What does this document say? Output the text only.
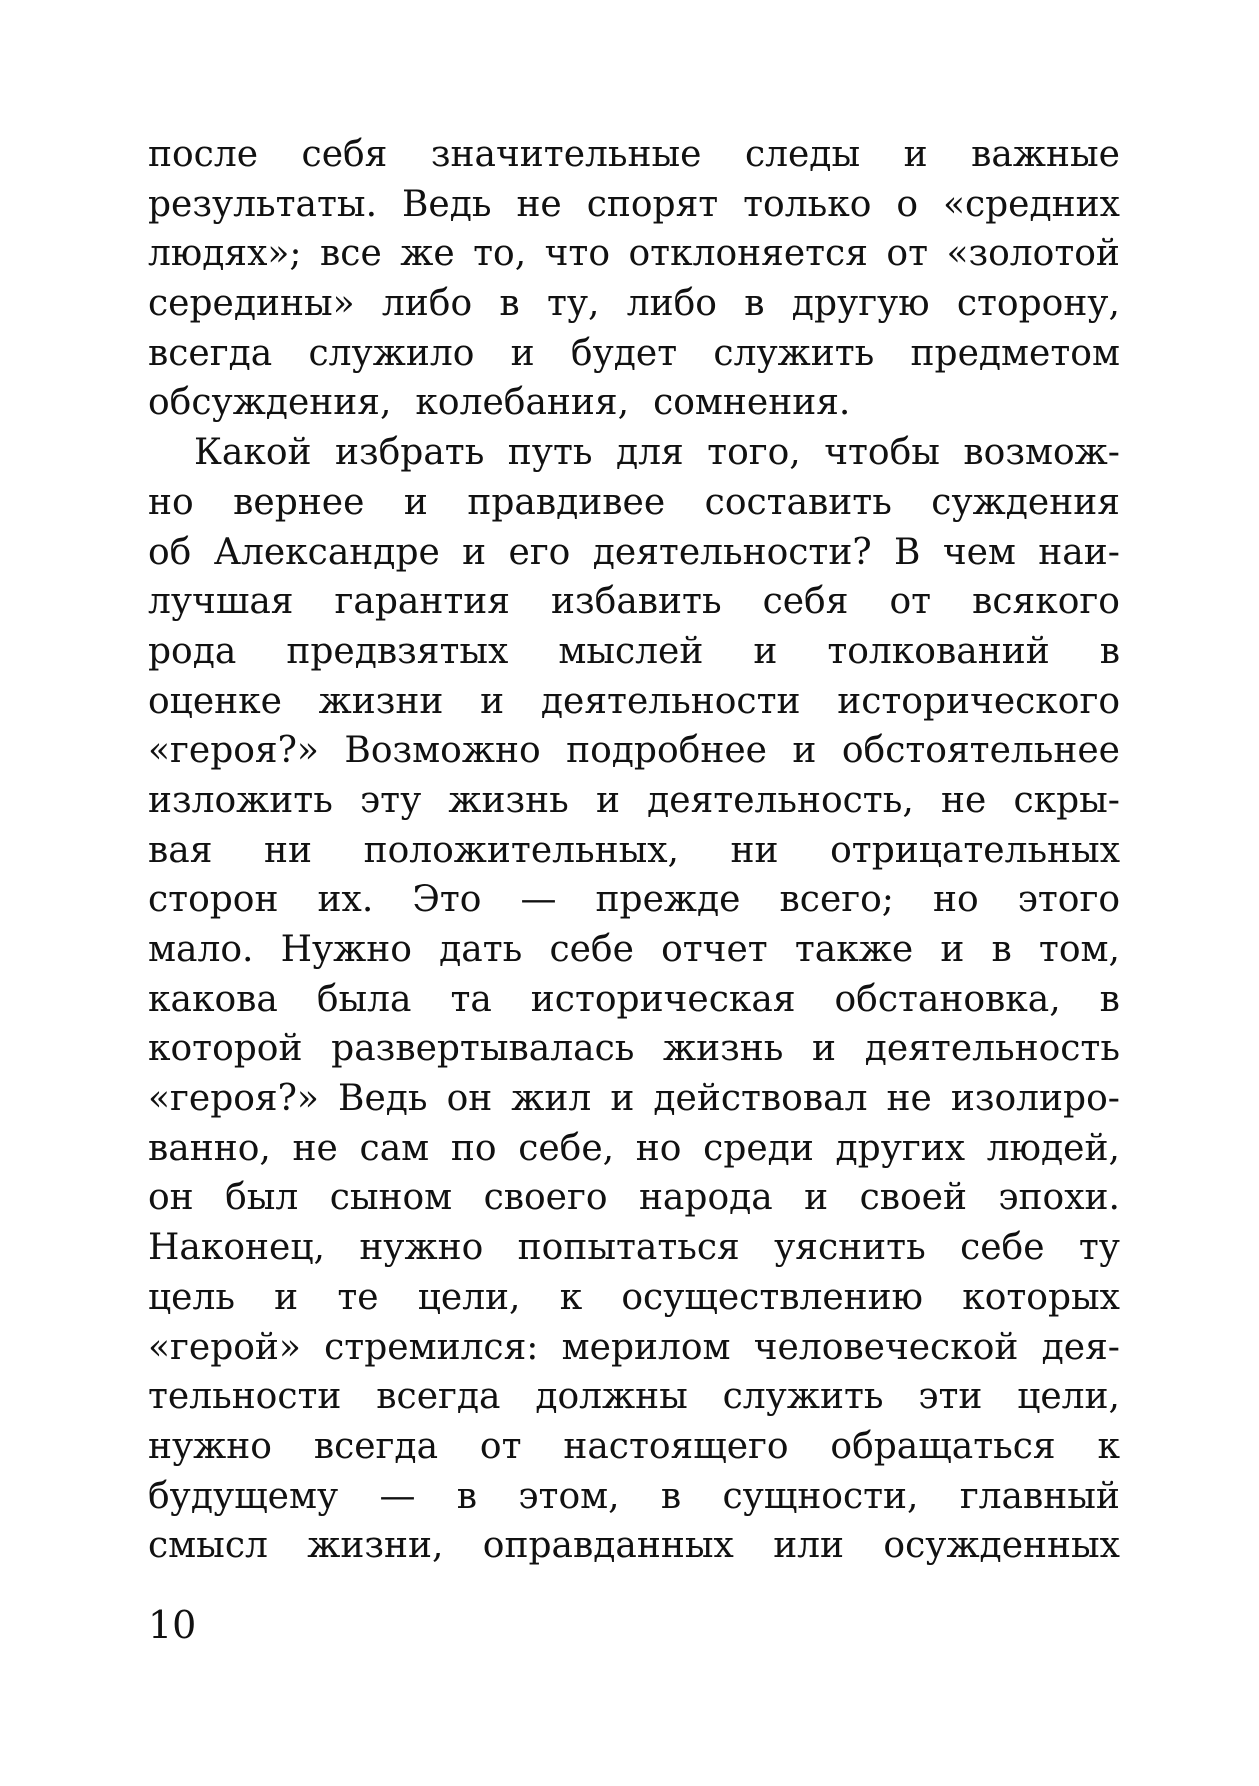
после себя значительные следы и важные
результаты. Ведь не спорят только о «средних
людях»; все же то, что отклоняется от «золотой
середины» либо в ту, либо в другую сторону,
всегда служило и будет служить предметом
обсуждения, колебания, сомнения.
Какой избрать путь для того, чтобы возмож-
но вернее и правдивее составить суждения
об Александре и его деятельности? В чем наи-
лучшая гарантия избавить себя от всякого
рода предвзятых мыслей и толкований в
оценке жизни и деятельности исторического
«героя?» Возможно подробнее и обстоятельнее
изложить эту жизнь и деятельность, не скры-
вая ни положительных, ни отрицательных
сторон их. Это — прежде всего; но этого
мало. Нужно дать себе отчет также и в том,
какова была та историческая обстановка, в
которой развертывалась жизнь и деятельность
«героя?» Ведь он жил и действовал не изолиро-
ванно, не сам по себе, но среди других людей,
он был сыном своего народа и своей эпохи.
Наконец, нужно попытаться уяснить себе ту
цель и те цели, к осуществлению которых
«герой» стремился: мерилом человеческой дея-
тельности всегда должны служить эти цели,
нужно всегда от настоящего обращаться к
будущему — в этом, в сущности, главный
смысл жизни, оправданных или осужденных
10
